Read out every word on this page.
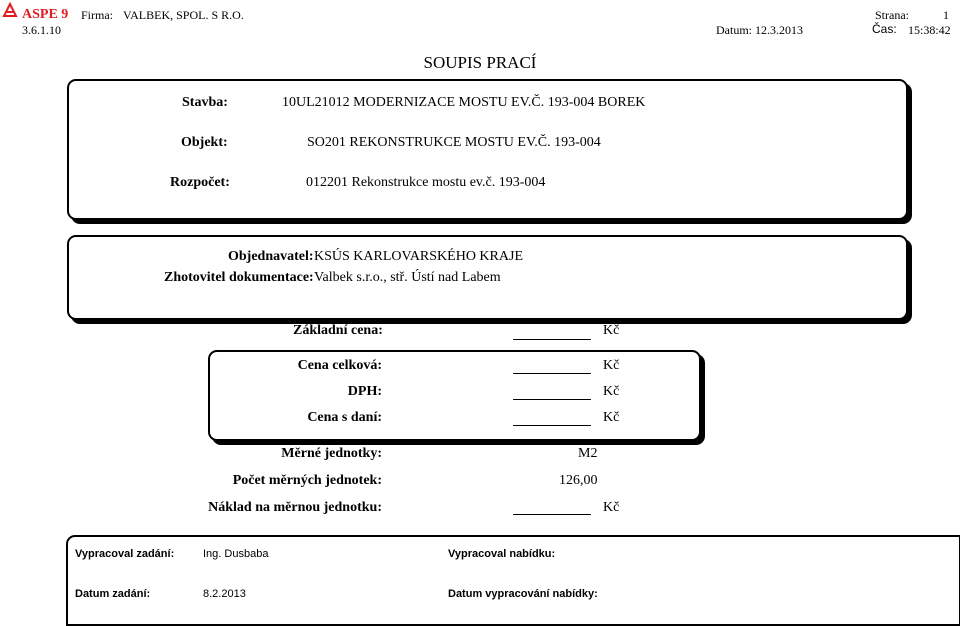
ASPE 9
3.6.1.10
Firma: VALBEK, SPOL. S R.O.	Strana:	1
Datum: 12.3.2013	Čas: 15:38:42
SOUPIS PRACÍ
Stavba:	10UL21012 MODERNIZACE MOSTU EV.Č. 193-004 BOREK
Objekt:	SO201 REKONSTRUKCE MOSTU EV.Č. 193-004
Rozpočet:	012201 Rekonstrukce mostu ev.č. 193-004
Objednavatel: KSÚS KARLOVARSKÉHO KRAJE
Zhotovitel dokumentace: Valbek s.r.o., stř. Ústí nad Labem
Základní cena:	Kč
Cena celková:	Kč
DPH:	Kč
Cena s daní:	Kč
Měrné jednotky:	M2
Počet měrných jednotek:	126,00
Náklad na měrnou jednotku:	Kč
Vypracoval zadání:	Ing. Dusbaba	Vypracoval nabídku:
Datum zadání:	8.2.2013	Datum vypracování nabídky:
